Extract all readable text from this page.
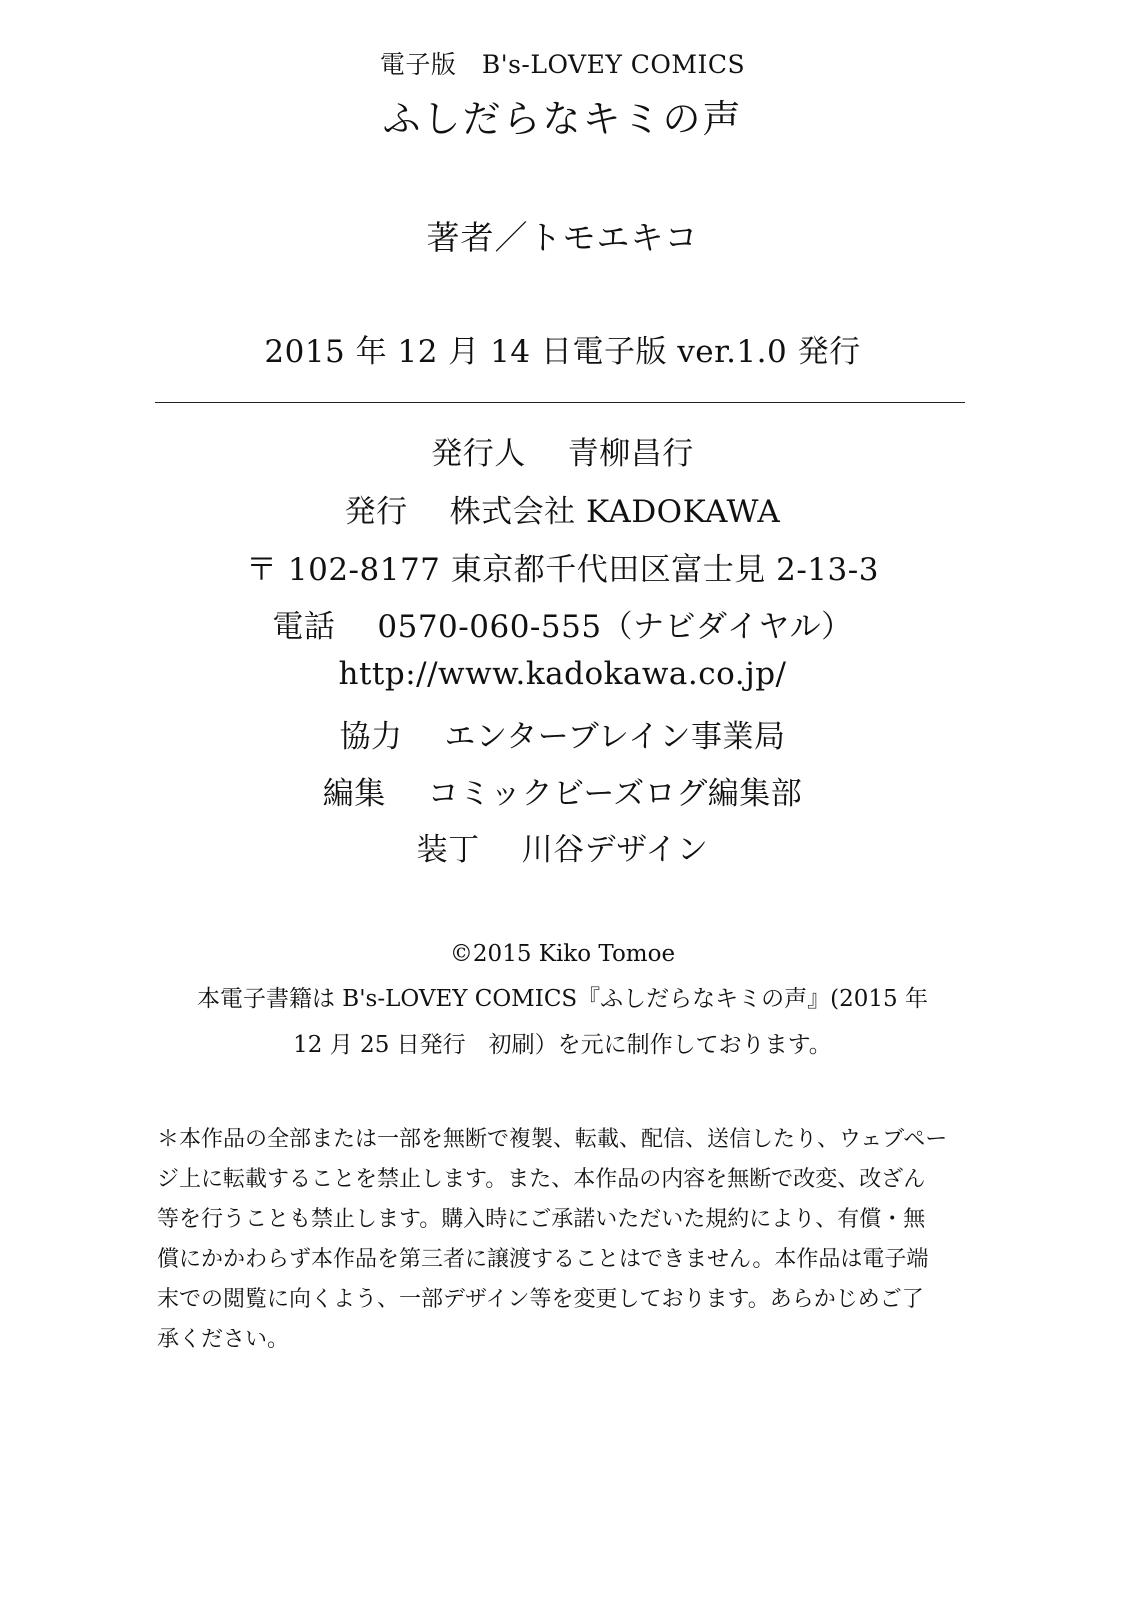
電子版　B's-LOVEY COMICS
ふしだらなキミの声
著者／トモエキコ
2015 年 12 月 14 日電子版 ver.1.0 発行
発行人 青柳昌行
発行 株式会社 KADOKAWA
〒 102-8177 東京都千代田区富士見 2-13-3
電話 0570-060-555（ナビダイヤル）
http://www.kadokawa.co.jp/
協力 エンターブレイン事業局
編集 コミックビーズログ編集部
装丁 川谷デザイン
©2015 Kiko Tomoe
本電子書籍は B's-LOVEY COMICS『ふしだらなキミの声』(2015 年
12 月 25 日発行　初刷）を元に制作しております。
＊本作品の全部または一部を無断で複製、転載、配信、送信したり、ウェブペー
ジ上に転載することを禁止します。また、本作品の内容を無断で改変、改ざん
等を行うことも禁止します。購入時にご承諾いただいた規約により、有償・無
償にかかわらず本作品を第三者に譲渡することはできません。本作品は電子端
末での閲覧に向くよう、一部デザイン等を変更しております。あらかじめご了
承ください。
